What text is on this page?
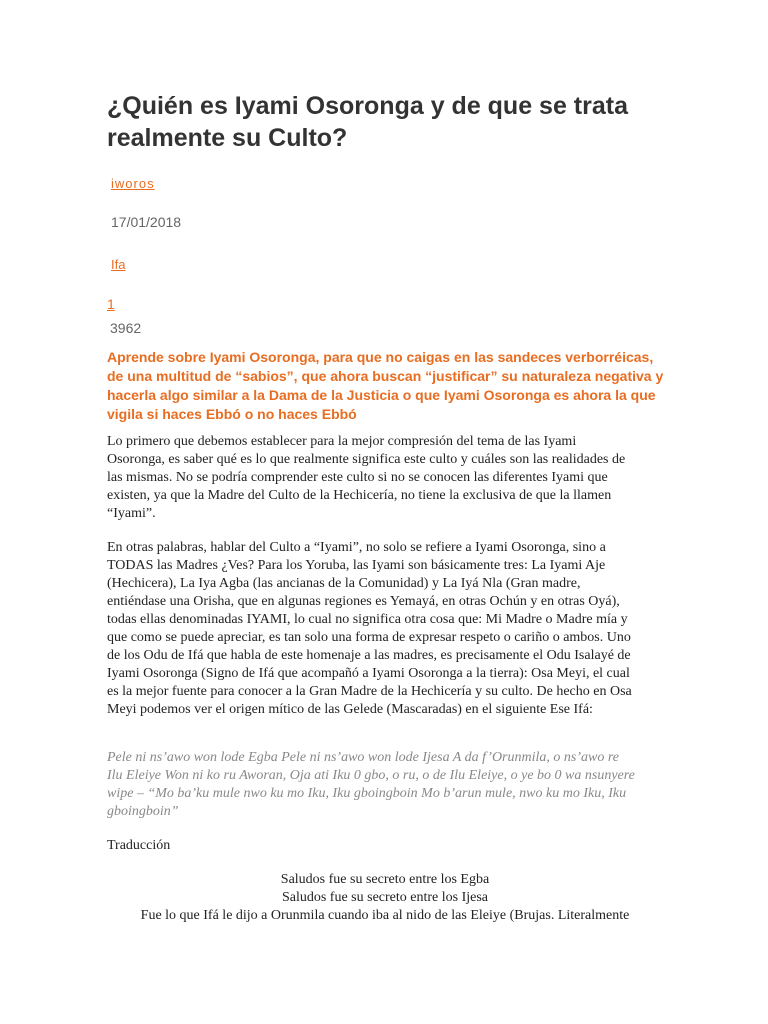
¿Quién es Iyami Osoronga y de que se trata realmente su Culto?
iworos
17/01/2018
Ifa
1
3962

Aprende sobre Iyami Osoronga, para que no caigas en las sandeces verborréicas, de una multitud de “sabios”, que ahora buscan “justificar” su naturaleza negativa y hacerla algo similar a la Dama de la Justicia o que Iyami Osoronga es ahora la que vigila si haces Ebbó o no haces Ebbó

Lo primero que debemos establecer para la mejor compresión del tema de las Iyami Osoronga, es saber qué es lo que realmente significa este culto y cuáles son las realidades de las mismas. No se podría comprender este culto si no se conocen las diferentes Iyami que existen, ya que la Madre del Culto de la Hechicería, no tiene la exclusiva de que la llamen “Iyami”.

En otras palabras, hablar del Culto a “Iyami”, no solo se refiere a Iyami Osoronga, sino a TODAS las Madres ¿Ves? Para los Yoruba, las Iyami son básicamente tres: La Iyami Aje (Hechicera), La Iya Agba (las ancianas de la Comunidad) y La Iyá Nla (Gran madre, entiéndase una Orisha, que en algunas regiones es Yemayá, en otras Ochún y en otras Oyá), todas ellas denominadas IYAMI, lo cual no significa otra cosa que: Mi Madre o Madre mía y que como se puede apreciar, es tan solo una forma de expresar respeto o cariño o ambos. Uno de los Odu de Ifá que habla de este homenaje a las madres, es precisamente el Odu Isalayé de Iyami Osoronga (Signo de Ifá que acompañó a Iyami Osoronga a la tierra): Osa Meyi, el cual es la mejor fuente para conocer a la Gran Madre de la Hechicería y su culto. De hecho en Osa Meyi podemos ver el origen mítico de las Gelede (Mascaradas) en el siguiente Ese Ifá:

Pele ni ns’awo won lode Egba Pele ni ns’awo won lode Ijesa A da f’Orunmila, o ns’awo re Ilu Eleiye Won ni ko ru Aworan, Oja ati Iku 0 gbo, o ru, o de Ilu Eleiye, o ye bo 0 wa nsunyere wipe – “Mo ba’ku mule nwo ku mo Iku, Iku gboingboin Mo b’arun mule, nwo ku mo Iku, Iku gboingboin”

Traducción

Saludos fue su secreto entre los Egba
Saludos fue su secreto entre los Ijesa
Fue lo que Ifá le dijo a Orunmila cuando iba al nido de las Eleiye (Brujas. Literalmente
